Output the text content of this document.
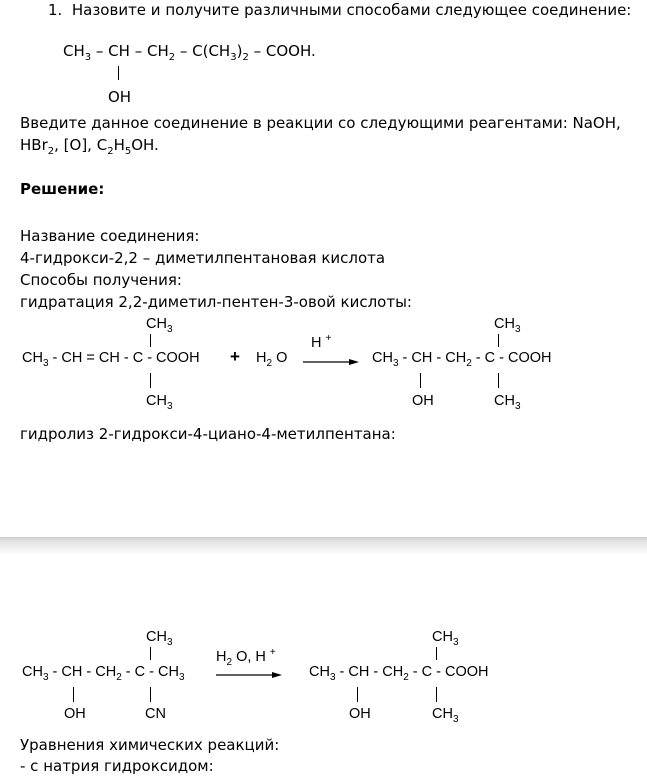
1. Назовите и получите различными способами следующее соединение:
$CH_3$ – CH – $CH_2 - C(CH_3)_2$ – COOH.
OH
Введите данное соединение в реакции со следующими реагентами: NaOH,
HBr$_2$, [O], $C_2H_5OH$.
Решение:
Название соединения:
4-гидрокси-2,2 – диметилпентановая кислота
Способы получения:
гидратация 2,2-диметил-пентен-3-овой кислоты:
$CH_3$
$CH_3$ - CH = CH - C - COOH
$CH_3$
+ $H_2$ O
H +
$CH_3$
$CH_3$ - CH - $CH_2$ - C - COOH
OH	$CH_3$
гидролиз 2-гидрокси-4-циано-4-метилпентана:
$CH_3$
$CH_3$ - CH - $CH_2$ - C - $CH_3$
OH	CN
$H_2$ O, H +
$CH_3$
$CH_3$ - CH - $CH_2$ - C - COOH
OH	$CH_3$
Уравнения химических реакций:
- с натрия гидроксидом:
